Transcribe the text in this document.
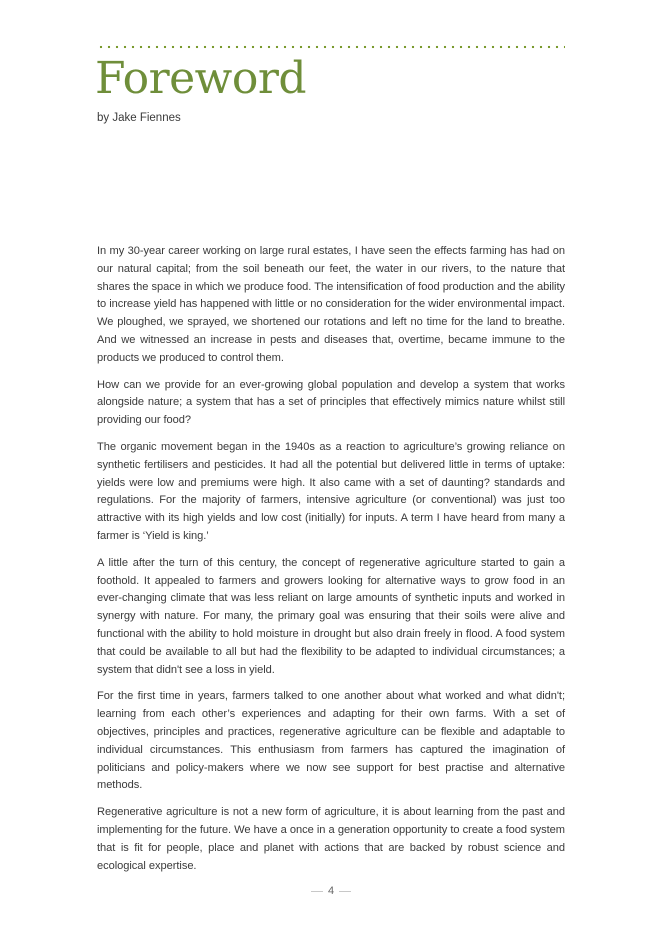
Foreword

by Jake Fiennes

In my 30-year career working on large rural estates, I have seen the effects farming has had on our natural capital; from the soil beneath our feet, the water in our rivers, to the nature that shares the space in which we produce food. The intensification of food production and the ability to increase yield has happened with little or no consideration for the wider environmental impact. We ploughed, we sprayed, we shortened our rotations and left no time for the land to breathe. And we witnessed an increase in pests and diseases that, overtime, became immune to the products we produced to control them.

How can we provide for an ever-growing global population and develop a system that works alongside nature; a system that has a set of principles that effectively mimics nature whilst still providing our food?

The organic movement began in the 1940s as a reaction to agriculture’s growing reliance on synthetic fertilisers and pesticides. It had all the potential but delivered little in terms of uptake: yields were low and premiums were high. It also came with a set of daunting? standards and regulations. For the majority of farmers, intensive agriculture (or conventional) was just too attractive with its high yields and low cost (initially) for inputs. A term I have heard from many a farmer is ‘Yield is king.’

A little after the turn of this century, the concept of regenerative agriculture started to gain a foothold. It appealed to farmers and growers looking for alternative ways to grow food in an ever-changing climate that was less reliant on large amounts of synthetic inputs and worked in synergy with nature. For many, the primary goal was ensuring that their soils were alive and functional with the ability to hold moisture in drought but also drain freely in flood. A food system that could be available to all but had the flexibility to be adapted to individual circumstances; a system that didn't see a loss in yield.

For the first time in years, farmers talked to one another about what worked and what didn't; learning from each other’s experiences and adapting for their own farms. With a set of objectives, principles and practices, regenerative agriculture can be flexible and adaptable to individual circumstances. This enthusiasm from farmers has captured the imagination of politicians and policy-makers where we now see support for best practise and alternative methods.

Regenerative agriculture is not a new form of agriculture, it is about learning from the past and implementing for the future. We have a once in a generation opportunity to create a food system that is fit for people, place and planet with actions that are backed by robust science and ecological expertise.

4
